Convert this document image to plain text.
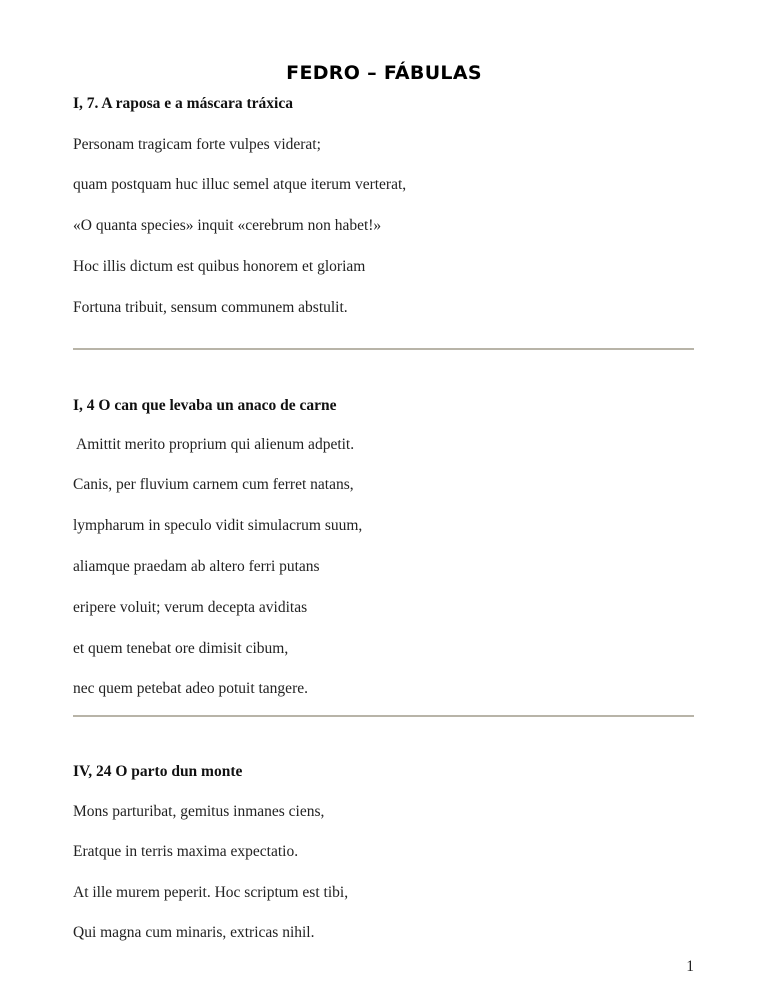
FEDRO – FÁBULAS
I, 7. A raposa e a máscara tráxica
Personam tragicam forte vulpes viderat;
quam postquam huc illuc semel atque iterum verterat,
«O quanta species» inquit «cerebrum non habet!»
Hoc illis dictum est quibus honorem et gloriam
Fortuna tribuit, sensum communem abstulit.
I, 4 O can que levaba un anaco de carne
Amittit merito proprium qui alienum adpetit.
Canis, per fluvium carnem cum ferret natans,
lympharum in speculo vidit simulacrum suum,
aliamque praedam ab altero ferri putans
eripere voluit; verum decepta aviditas
et quem tenebat ore dimisit cibum,
nec quem petebat adeo potuit tangere.
IV, 24 O parto dun monte
Mons parturibat, gemitus inmanes ciens,
Eratque in terris maxima expectatio.
At ille murem peperit. Hoc scriptum est tibi,
Qui magna cum minaris, extricas nihil.
1
